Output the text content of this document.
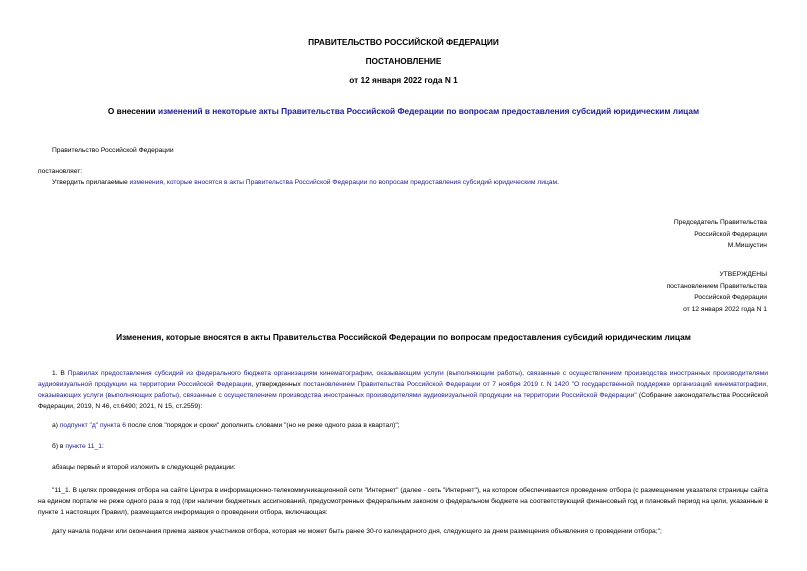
ПРАВИТЕЛЬСТВО РОССИЙСКОЙ ФЕДЕРАЦИИ
ПОСТАНОВЛЕНИЕ
от 12 января 2022 года N 1
О внесении изменений в некоторые акты Правительства Российской Федерации по вопросам предоставления субсидий юридическим лицам
Правительство Российской Федерации
постановляет:
Утвердить прилагаемые изменения, которые вносятся в акты Правительства Российской Федерации по вопросам предоставления субсидий юридическим лицам.
Председатель Правительства
Российской Федерации
М.Мишустин
УТВЕРЖДЕНЫ
постановлением Правительства
Российской Федерации
от 12 января 2022 года N 1
Изменения, которые вносятся в акты Правительства Российской Федерации по вопросам предоставления субсидий юридическим лицам
1. В Правилах предоставления субсидий из федерального бюджета организациям кинематографии, оказывающим услуги (выполняющим работы), связанные с осуществлением производства иностранных производителями аудиовизуальной продукции на территории Российской Федерации, утвержденных постановлением Правительства Российской Федерации от 7 ноября 2019 г. N 1420 "О государственной поддержке организаций кинематографии, оказывающих услуги (выполняющих работы), связанные с осуществлением производства иностранных производителями аудиовизуальной продукции на территории Российской Федерации" (Собрание законодательства Российской Федерации, 2019, N 46, ст.6490; 2021, N 15, ст.2559):
а) подпункт "д" пункта 6 после слов "порядок и сроки" дополнить словами "(но не реже одного раза в квартал)";
б) в пункте 11_1:
абзацы первый и второй изложить в следующей редакции:
"11_1. В целях проведения отбора на сайте Центра в информационно-телекоммуникационной сети "Интернет" (далее - сеть "Интернет"), на котором обеспечивается проведение отбора (с размещением указателя страницы сайта на едином портале не реже одного раза в год (при наличии бюджетных ассигнований, предусмотренных федеральным законом о федеральном бюджете на соответствующий финансовый год и плановый период на цели, указанные в пункте 1 настоящих Правил), размещается информация о проведении отбора, включающая:
дату начала подачи или окончания приема заявок участников отбора, которая не может быть ранее 30-го календарного дня, следующего за днем размещения объявления о проведении отбора;";
